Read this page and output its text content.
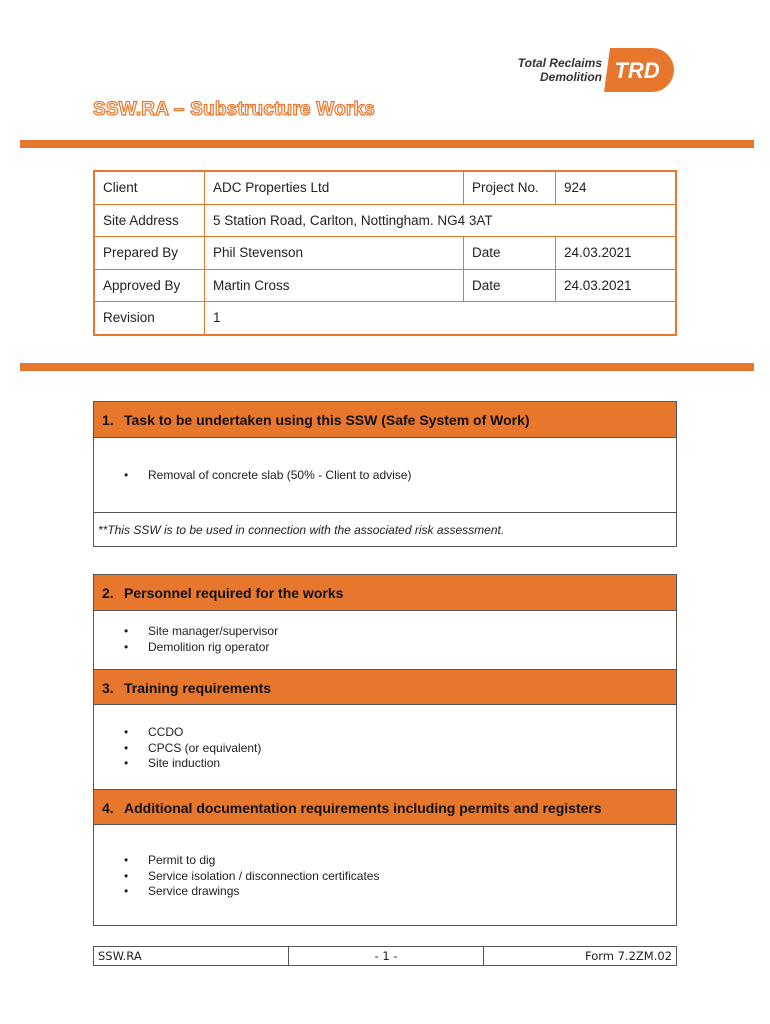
Total Reclaims
Demolition TRD
SSW.RA – Substructure Works
Client	ADC Properties Ltd	Project No.	924
Site Address	5 Station Road, Carlton, Nottingham. NG4 3AT		
Prepared By	Phil Stevenson	Date	24.03.2021
Approved By	Martin Cross	Date	24.03.2021
Revision	1		
1. Task to be undertaken using this SSW (Safe System of Work)
• Removal of concrete slab (50% - Client to advise)
**This SSW is to be used in connection with the associated risk assessment.
2. Personnel required for the works
• Site manager/supervisor
• Demolition rig operator
3. Training requirements
• CCDO
• CPCS (or equivalent)
• Site induction
4. Additional documentation requirements including permits and registers
• Permit to dig
• Service isolation / disconnection certificates
• Service drawings
SSW.RA	- 1 -	Form 7.2ZM.02
